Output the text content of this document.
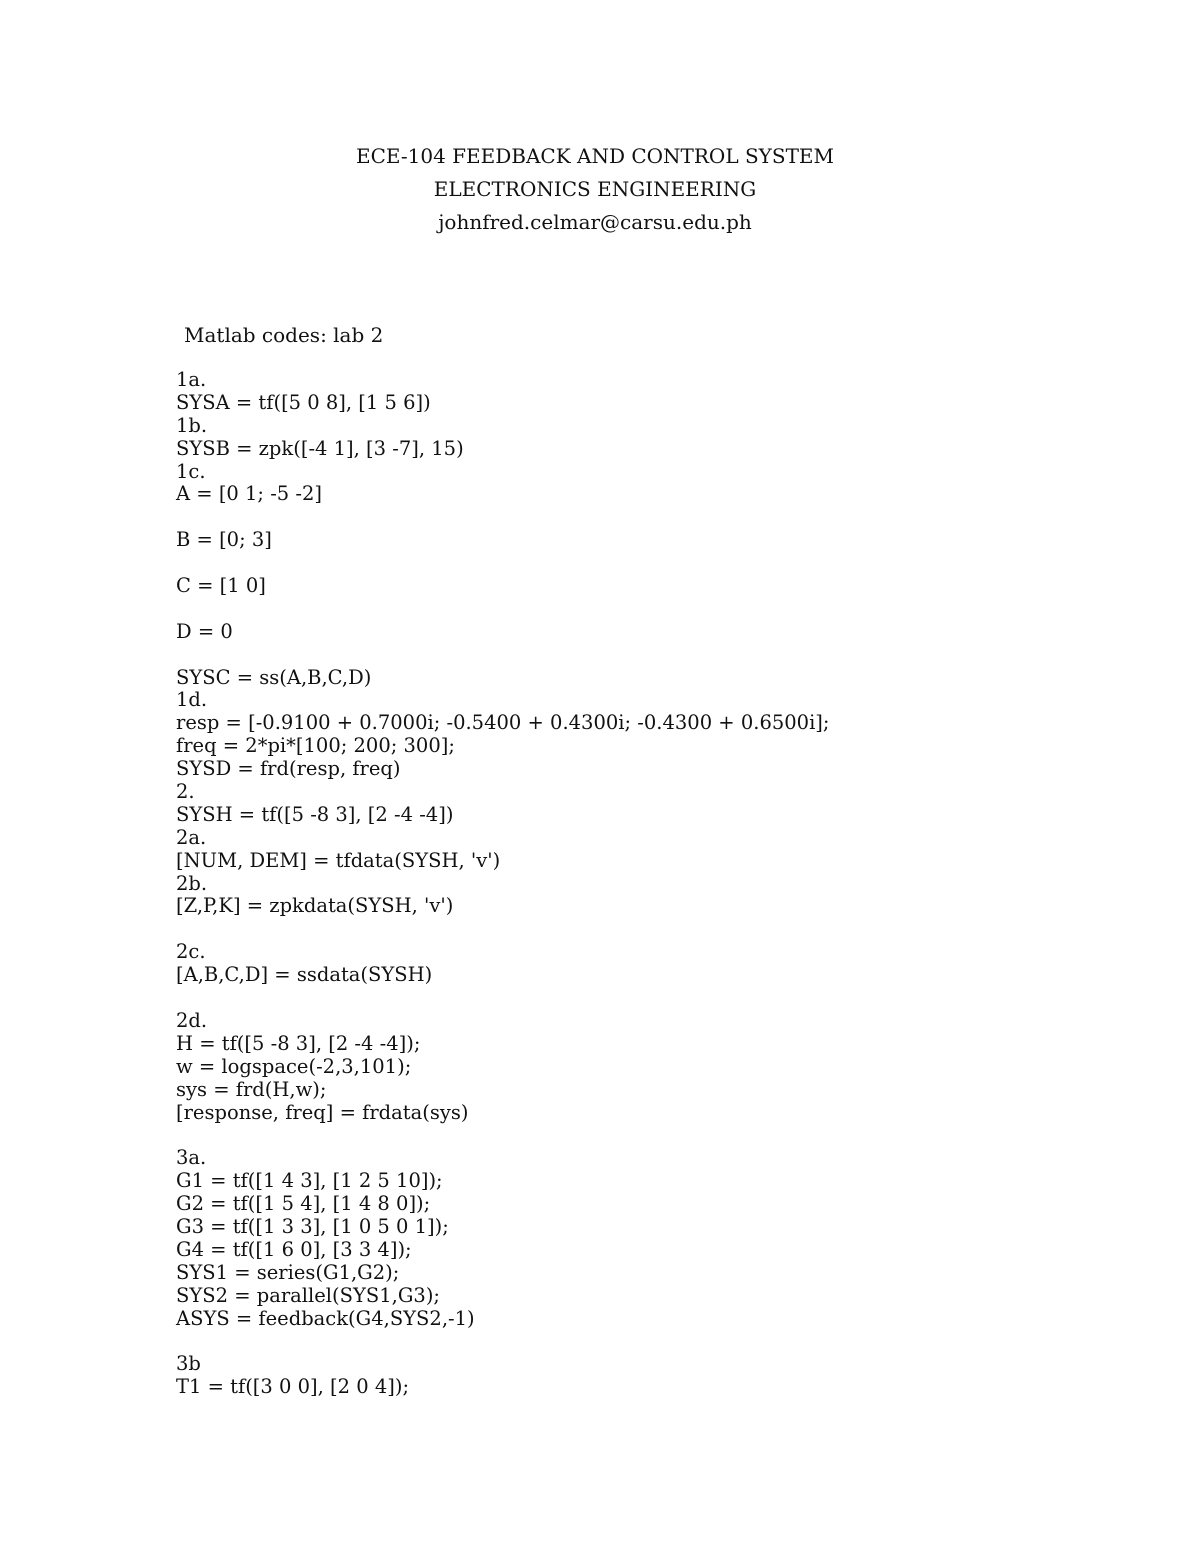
ECE-104 FEEDBACK AND CONTROL SYSTEM
ELECTRONICS ENGINEERING
johnfred.celmar@carsu.edu.ph
Matlab codes: lab 2
1a.
SYSA = tf([5 0 8], [1 5 6])
1b.
SYSB = zpk([-4 1], [3 -7], 15)
1c.
A = [0 1; -5 -2]
B = [0; 3]
C = [1 0]
D = 0
SYSC = ss(A,B,C,D)
1d.
resp = [-0.9100 + 0.7000i; -0.5400 + 0.4300i; -0.4300 + 0.6500i];
freq = 2*pi*[100; 200; 300];
SYSD = frd(resp, freq)
2.
SYSH = tf([5 -8 3], [2 -4 -4])
2a.
[NUM, DEM] = tfdata(SYSH, 'v')
2b.
[Z,P,K] = zpkdata(SYSH, 'v')
2c.
[A,B,C,D] = ssdata(SYSH)
2d.
H = tf([5 -8 3], [2 -4 -4]);
w = logspace(-2,3,101);
sys = frd(H,w);
[response, freq] = frdata(sys)
3a.
G1 = tf([1 4 3], [1 2 5 10]);
G2 = tf([1 5 4], [1 4 8 0]);
G3 = tf([1 3 3], [1 0 5 0 1]);
G4 = tf([1 6 0], [3 3 4]);
SYS1 = series(G1,G2);
SYS2 = parallel(SYS1,G3);
ASYS = feedback(G4,SYS2,-1)
3b
T1 = tf([3 0 0], [2 0 4]);
